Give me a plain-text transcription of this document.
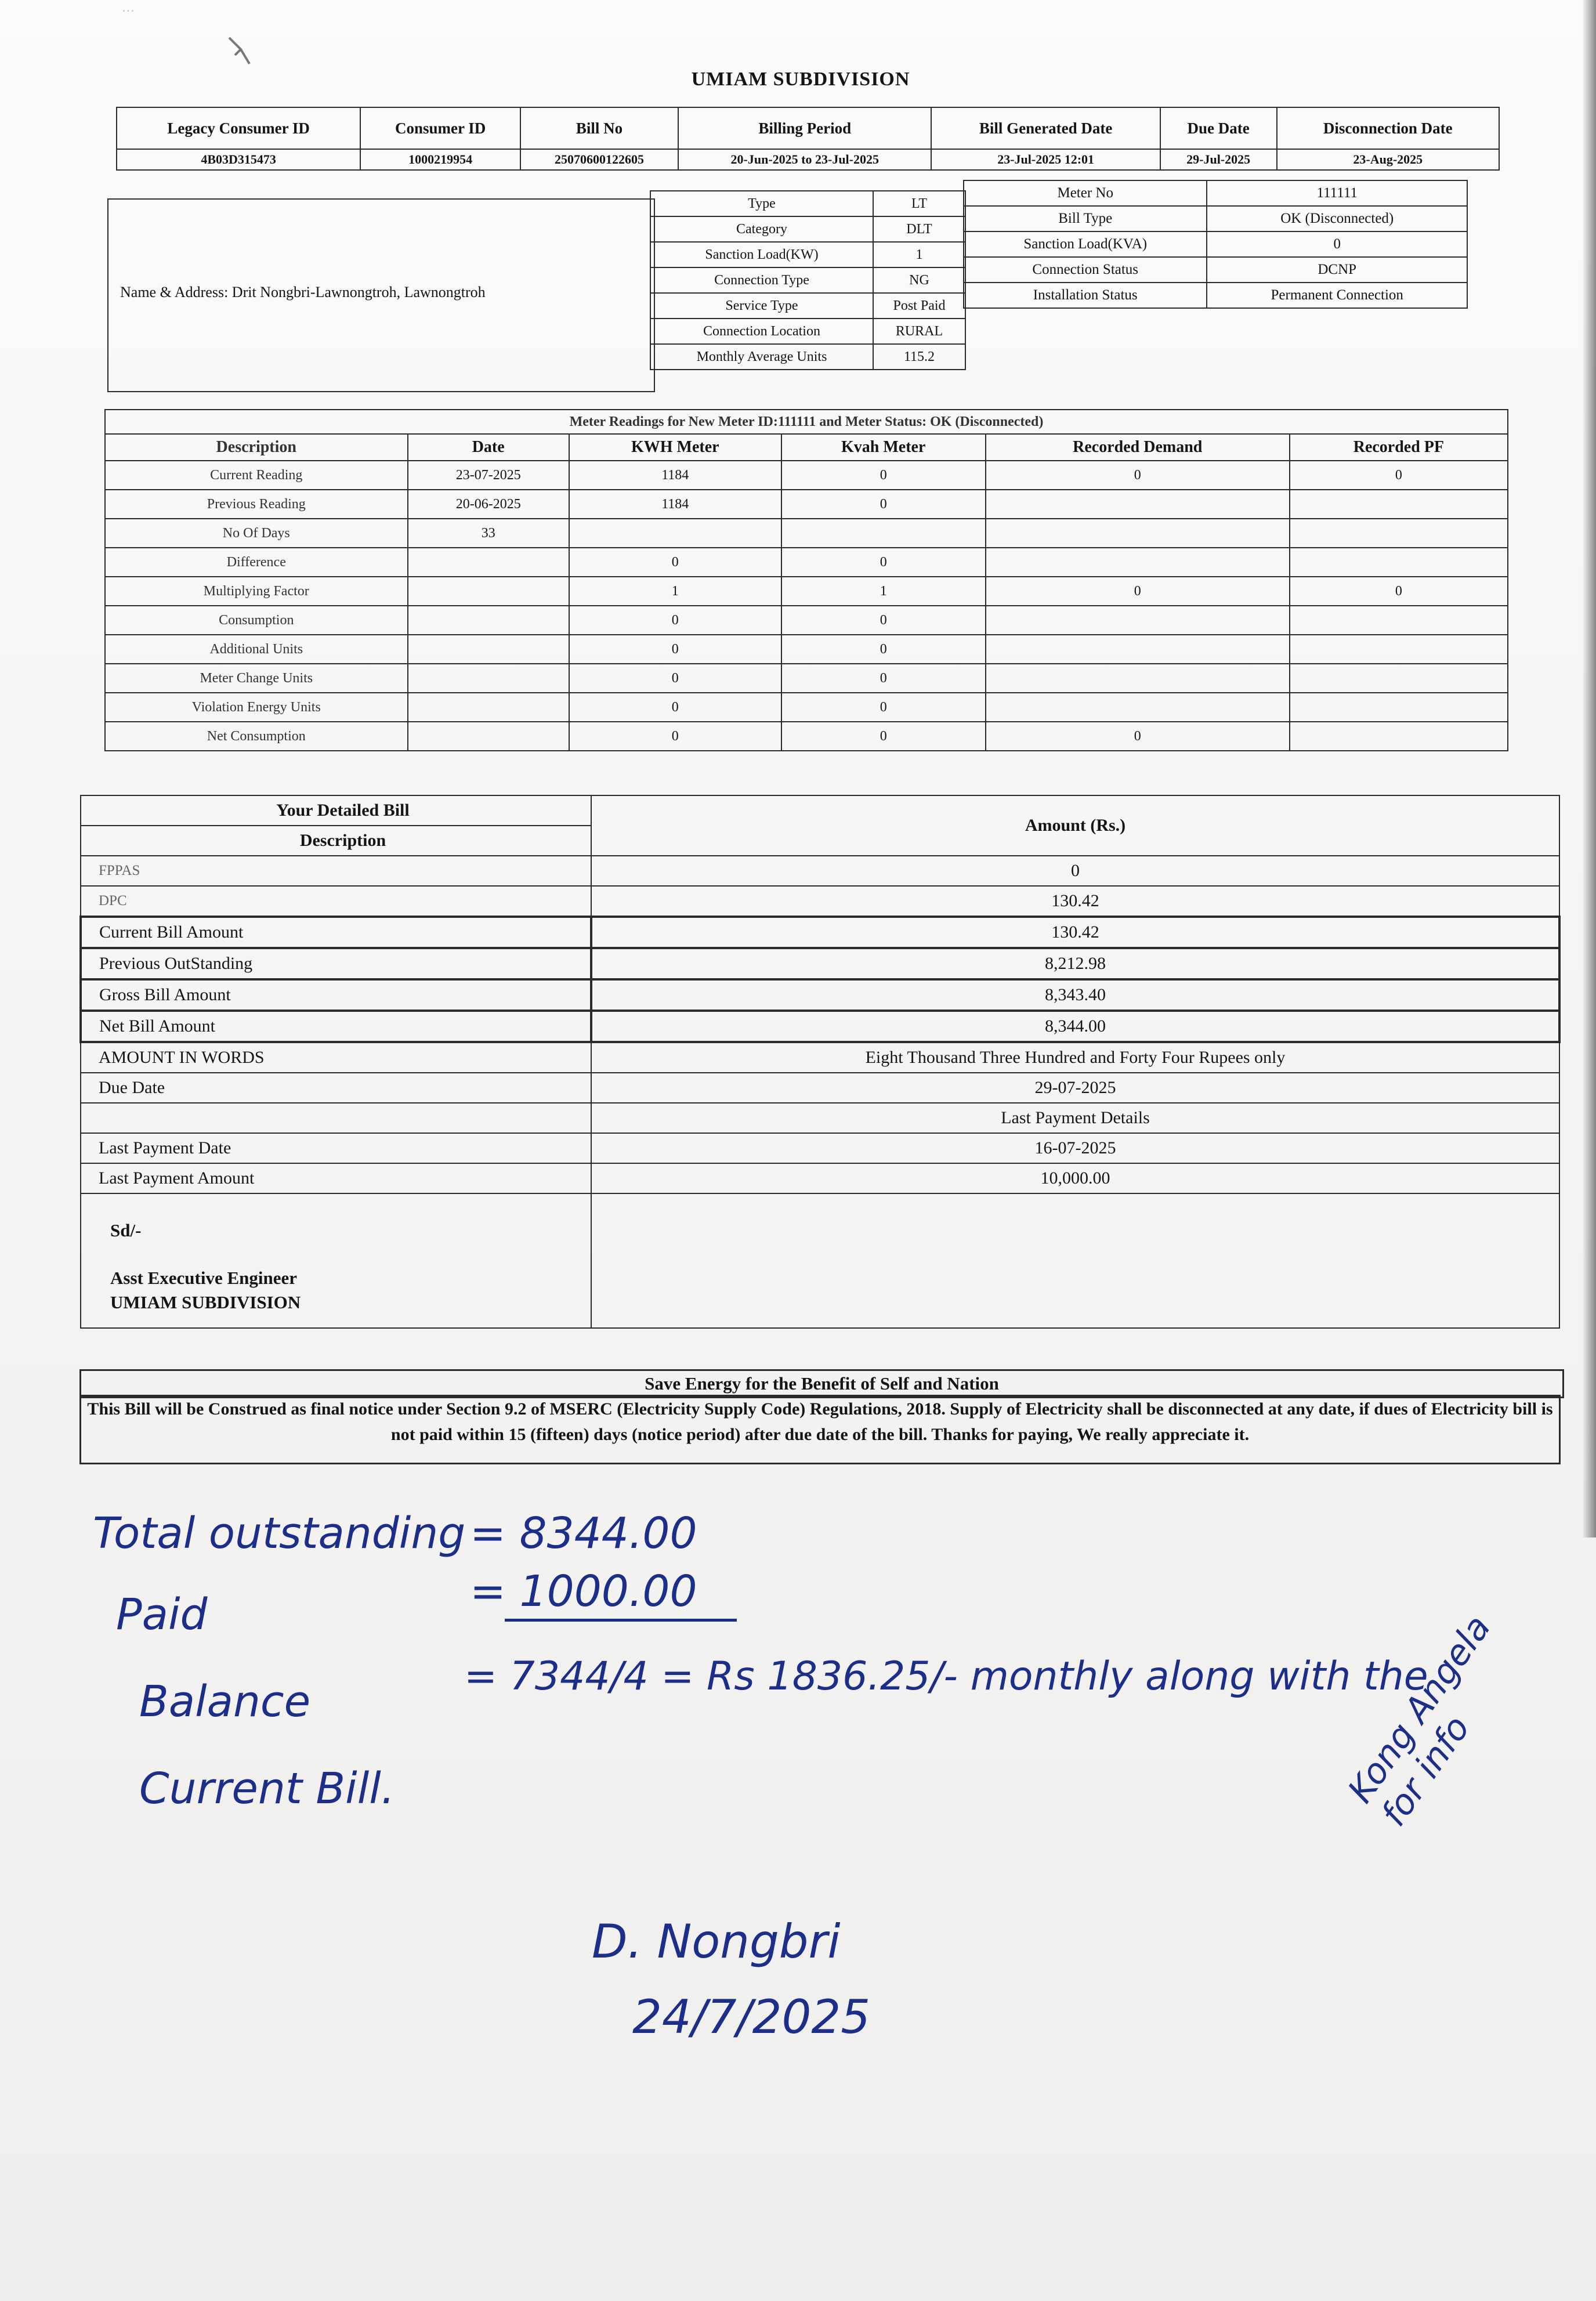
…
UMIAM SUBDIVISION
Legacy Consumer ID	Consumer ID	Bill No	Billing Period	Bill Generated Date	Due Date	Disconnection Date
4B03D315473	1000219954	25070600122605	20-Jun-2025 to 23-Jul-2025	23-Jul-2025 12:01	29-Jul-2025	23-Aug-2025
Name & Address: Drit Nongbri-Lawnongtroh, Lawnongtroh
Type	LT
Category	DLT
Sanction Load(KW)	1
Connection Type	NG
Service Type	Post Paid
Connection Location	RURAL
Monthly Average Units	115.2
Meter No	111111
Bill Type	OK (Disconnected)
Sanction Load(KVA)	0
Connection Status	DCNP
Installation Status	Permanent Connection
Meter Readings for New Meter ID:111111 and Meter Status: OK (Disconnected)					
Description	Date	KWH Meter	Kvah Meter	Recorded Demand	Recorded PF
Current Reading	23-07-2025	1184	0	0	0
Previous Reading	20-06-2025	1184	0		
No Of Days	33				
Difference		0	0		
Multiplying Factor		1	1	0	0
Consumption		0	0		
Additional Units		0	0		
Meter Change Units		0	0		
Violation Energy Units		0	0		
Net Consumption		0	0	0	
Your Detailed Bill	Amount (Rs.)
Description	
FPPAS	0
DPC	130.42
Current Bill Amount	130.42
Previous OutStanding	8,212.98
Gross Bill Amount	8,343.40
Net Bill Amount	8,344.00
AMOUNT IN WORDS	Eight Thousand Three Hundred and Forty Four Rupees only
Due Date	29-07-2025
	Last Payment Details
Last Payment Date	16-07-2025
Last Payment Amount	10,000.00

Sd/-
Asst Executive Engineer
UMIAM SUBDIVISION
Save Energy for the Benefit of Self and Nation
This Bill will be Construed as final notice under Section 9.2 of MSERC (Electricity Supply Code) Regulations, 2018. Supply of Electricity shall be disconnected at any date, if dues of Electricity bill is not paid within 15 (fifteen) days (notice period) after due date of the bill. Thanks for paying, We really appreciate it.
Total outstanding = 8344.00
Paid	= 1000.00
Balance
= 7344/4 = Rs 1836.25/- monthly along with the
Current Bill.
D. Nongbri
24/7/2025
Kong Angela for info
